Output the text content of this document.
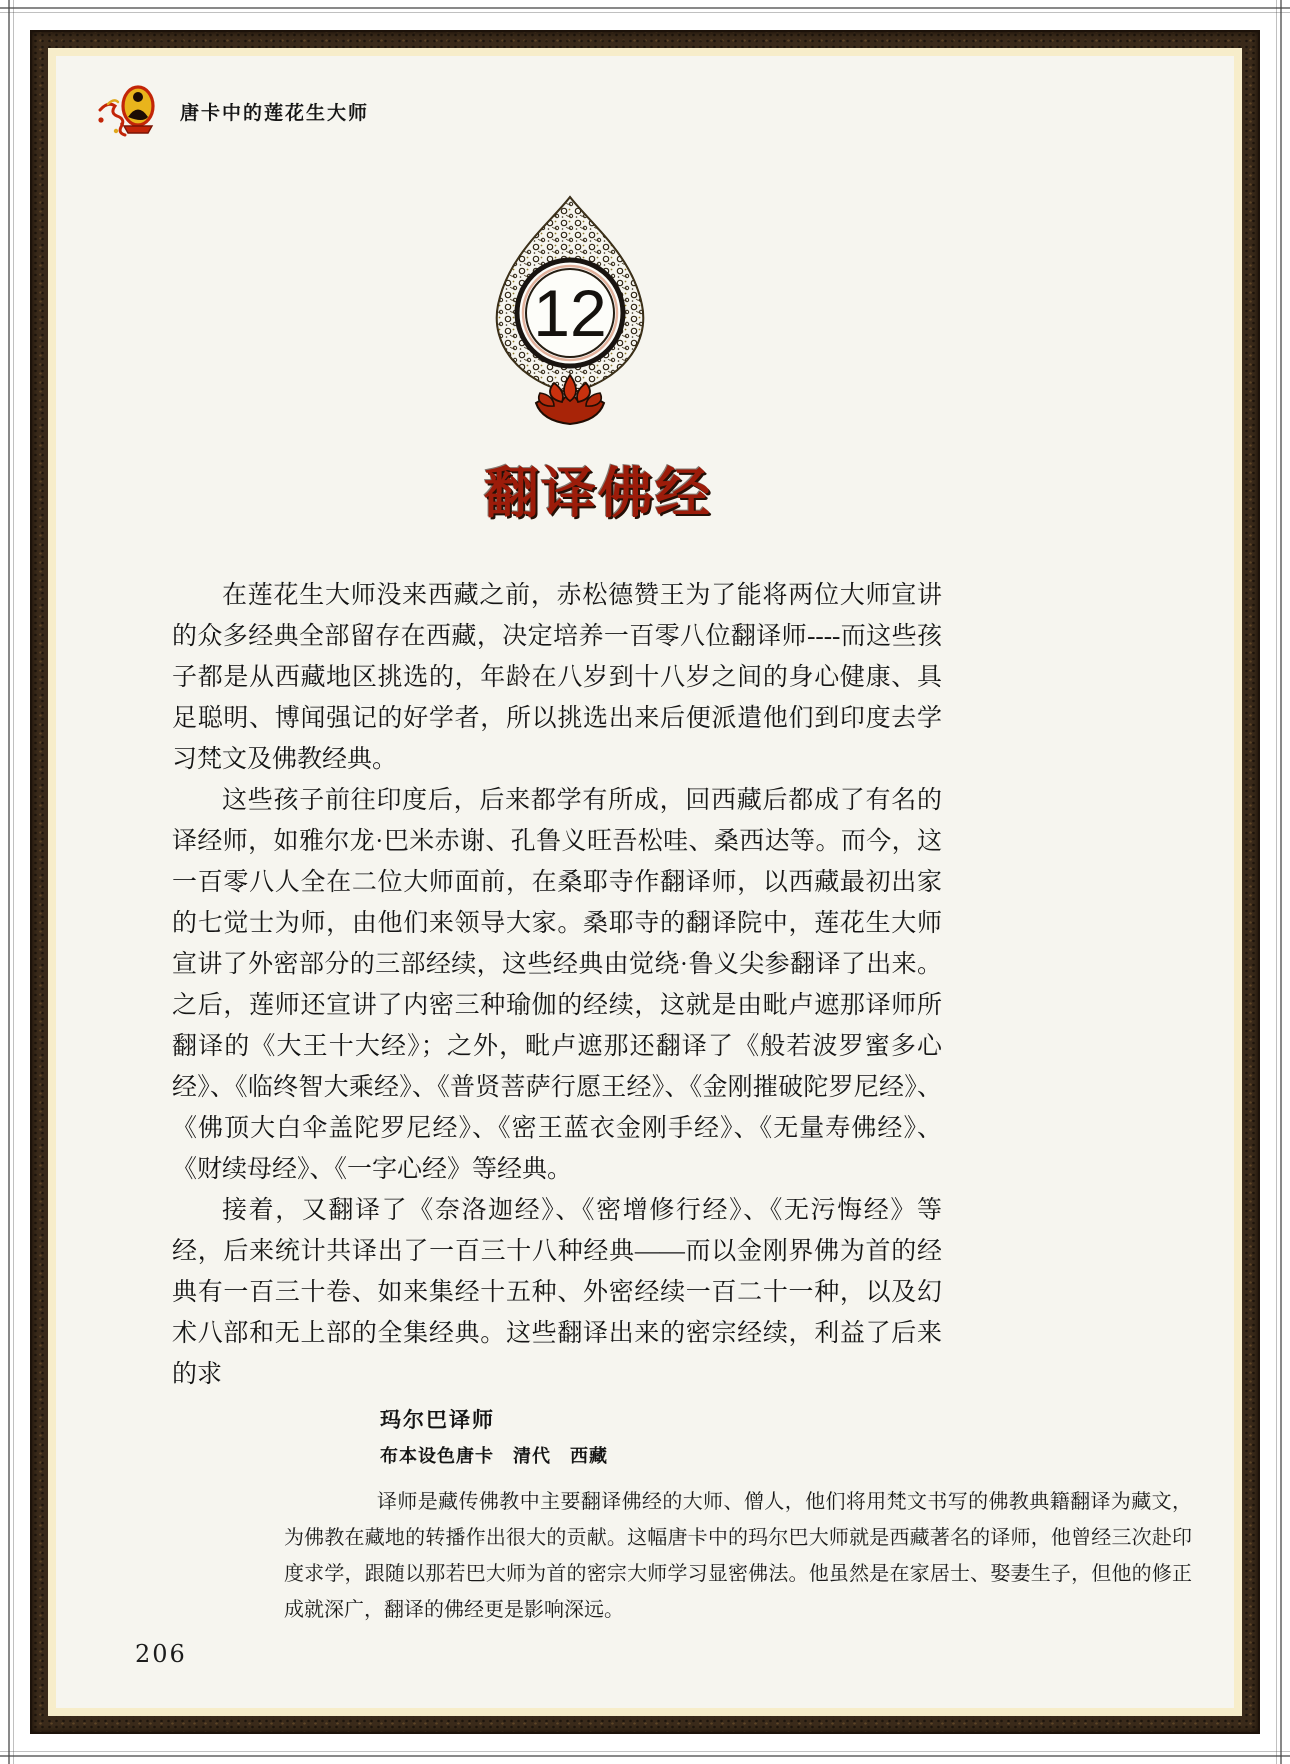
唐卡中的莲花生大师
12
翻译佛经

在莲花生大师没来西藏之前，赤松德赞王为了能将两位大师宣讲的众多经典全部留存在西藏，决定培养一百零八位翻译师----而这些孩子都是从西藏地区挑选的，年龄在八岁到十八岁之间的身心健康、具足聪明、博闻强记的好学者，所以挑选出来后便派遣他们到印度去学习梵文及佛教经典。

这些孩子前往印度后，后来都学有所成，回西藏后都成了有名的译经师，如雅尔龙·巴米赤谢、孔鲁义旺吾松哇、桑西达等。而今，这一百零八人全在二位大师面前，在桑耶寺作翻译师，以西藏最初出家的七觉士为师，由他们来领导大家。桑耶寺的翻译院中，莲花生大师宣讲了外密部分的三部经续，这些经典由觉绕·鲁义尖参翻译了出来。之后，莲师还宣讲了内密三种瑜伽的经续，这就是由毗卢遮那译师所翻译的《大王十大经》；之外，毗卢遮那还翻译了《般若波罗蜜多心经》、《临终智大乘经》、《普贤菩萨行愿王经》、《金刚摧破陀罗尼经》、《佛顶大白伞盖陀罗尼经》、《密王蓝衣金刚手经》、《无量寿佛经》、《财续母经》、《一字心经》等经典。

接着，又翻译了《奈洛迦经》、《密增修行经》、《无污悔经》等经，后来统计共译出了一百三十八种经典——而以金刚界佛为首的经典有一百三十卷、如来集经十五种、外密经续一百二十一种，以及幻术八部和无上部的全集经典。这些翻译出来的密宗经续，利益了后来的求

玛尔巴译师
布本设色唐卡　清代　西藏

译师是藏传佛教中主要翻译佛经的大师、僧人，他们将用梵文书写的佛教典籍翻译为藏文，为佛教在藏地的转播作出很大的贡献。这幅唐卡中的玛尔巴大师就是西藏著名的译师，他曾经三次赴印度求学，跟随以那若巴大师为首的密宗大师学习显密佛法。他虽然是在家居士、娶妻生子，但他的修正成就深广，翻译的佛经更是影响深远。

206
